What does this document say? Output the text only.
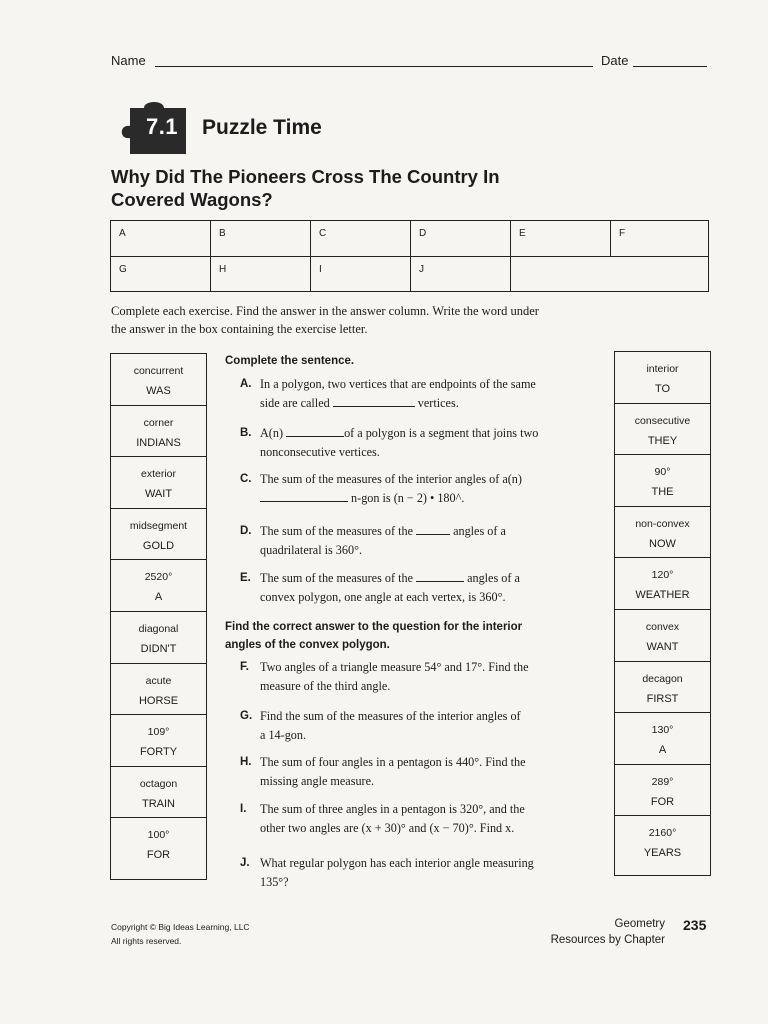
Name	Date
7.1	Puzzle Time
Why Did The Pioneers Cross The Country In
Covered Wagons?
A	B	C	D	E	F
G	H	I	J
Complete each exercise. Find the answer in the answer column. Write the word under
the answer in the box containing the exercise letter.
concurrent
WAS
corner
INDIANS
exterior
WAIT
midsegment
GOLD
2520°
A
diagonal
DIDN'T
acute
HORSE
109°
FORTY
octagon
TRAIN
100°
FOR
interior
TO
consecutive
THEY
90°
THE
non-convex
NOW
120°
WEATHER
convex
WANT
decagon
FIRST
130°
A
289°
FOR
2160°
YEARS
Complete the sentence.
A. In a polygon, two vertices that are endpoints of the same
side are called	vertices.
B. A(n)	of a polygon is a segment that joins two
nonconsecutive vertices.
C. The sum of the measures of the interior angles of a(n)
n-gon is (n − 2) • 180^.
D. The sum of the measures of the	angles of a
quadrilateral is 360°.
E. The sum of the measures of the	angles of a
convex polygon, one angle at each vertex, is 360°.
Find the correct answer to the question for the interior
angles of the convex polygon.
F. Two angles of a triangle measure 54° and 17°. Find the
measure of the third angle.
G. Find the sum of the measures of the interior angles of
a 14-gon.
H. The sum of four angles in a pentagon is 440°. Find the
missing angle measure.
I. The sum of three angles in a pentagon is 320°, and the
other two angles are (x + 30)° and (x − 70)°. Find x.
J. What regular polygon has each interior angle measuring
135°?
Copyright © Big Ideas Learning, LLC
All rights reserved.
Geometry
Resources by Chapter
235
